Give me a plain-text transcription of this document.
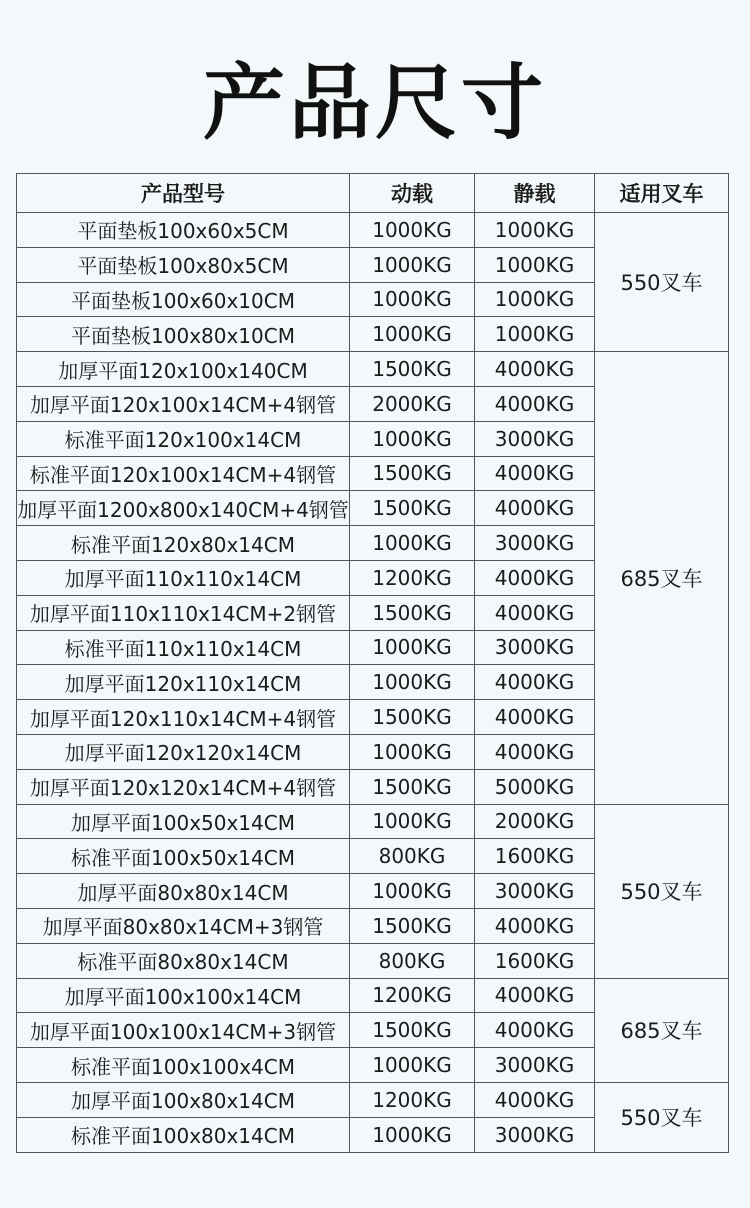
产品尺寸
产品型号	动载	静载	适用叉车
平面垫板100x60x5CM	1000KG	1000KG	550叉车
平面垫板100x80x5CM	1000KG	1000KG	
平面垫板100x60x10CM	1000KG	1000KG	
平面垫板100x80x10CM	1000KG	1000KG	
加厚平面120x100x140CM	1500KG	4000KG	685叉车
加厚平面120x100x14CM+4钢管	2000KG	4000KG	
标准平面120x100x14CM	1000KG	3000KG	
标准平面120x100x14CM+4钢管	1500KG	4000KG	
加厚平面1200x800x140CM+4钢管	1500KG	4000KG	
标准平面120x80x14CM	1000KG	3000KG	
加厚平面110x110x14CM	1200KG	4000KG	
加厚平面110x110x14CM+2钢管	1500KG	4000KG	
标准平面110x110x14CM	1000KG	3000KG	
加厚平面120x110x14CM	1000KG	4000KG	
加厚平面120x110x14CM+4钢管	1500KG	4000KG	
加厚平面120x120x14CM	1000KG	4000KG	
加厚平面120x120x14CM+4钢管	1500KG	5000KG	
加厚平面100x50x14CM	1000KG	2000KG	550叉车
标准平面100x50x14CM	800KG	1600KG	
加厚平面80x80x14CM	1000KG	3000KG	
加厚平面80x80x14CM+3钢管	1500KG	4000KG	
标准平面80x80x14CM	800KG	1600KG	
加厚平面100x100x14CM	1200KG	4000KG	685叉车
加厚平面100x100x14CM+3钢管	1500KG	4000KG	
标准平面100x100x4CM	1000KG	3000KG	
加厚平面100x80x14CM	1200KG	4000KG	550叉车
标准平面100x80x14CM	1000KG	3000KG	
